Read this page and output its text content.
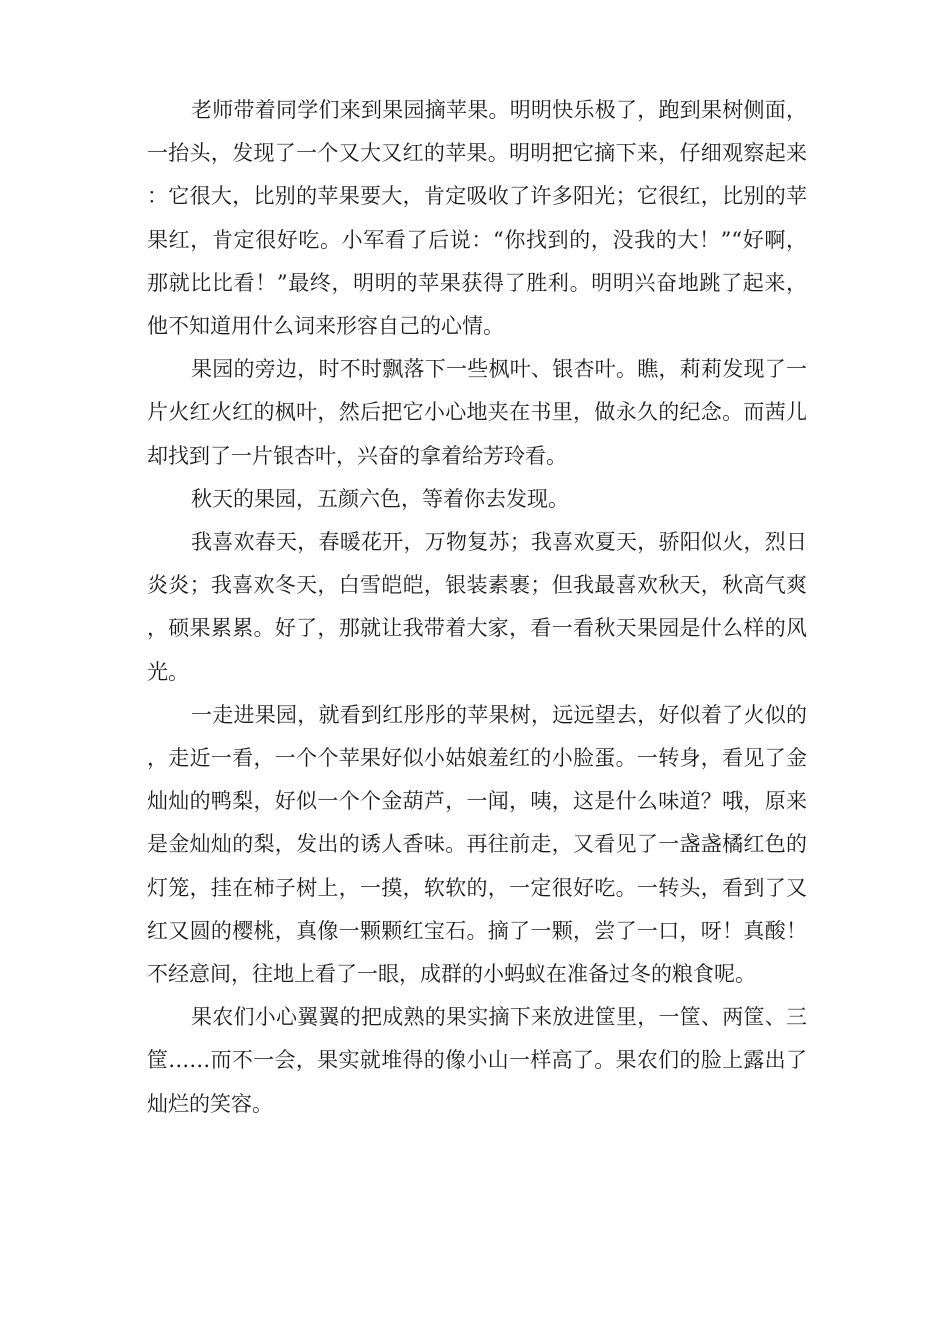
老师带着同学们来到果园摘苹果。明明快乐极了，跑到果树侧面，一抬头，发现了一个又大又红的苹果。明明把它摘下来，仔细观察起来：它很大，比别的苹果要大，肯定吸收了许多阳光；它很红，比别的苹果红，肯定很好吃。小军看了后说：“你找到的，没我的大！”“好啊，那就比比看！”最终，明明的苹果获得了胜利。明明兴奋地跳了起来，他不知道用什么词来形容自己的心情。

果园的旁边，时不时飘落下一些枫叶、银杏叶。瞧，莉莉发现了一片火红火红的枫叶，然后把它小心地夹在书里，做永久的纪念。而茜儿却找到了一片银杏叶，兴奋的拿着给芳玲看。

秋天的果园，五颜六色，等着你去发现。

我喜欢春天，春暖花开，万物复苏；我喜欢夏天，骄阳似火，烈日炎炎；我喜欢冬天，白雪皑皑，银装素裹；但我最喜欢秋天，秋高气爽，硕果累累。好了，那就让我带着大家，看一看秋天果园是什么样的风光。

一走进果园，就看到红彤彤的苹果树，远远望去，好似着了火似的，走近一看，一个个苹果好似小姑娘羞红的小脸蛋。一转身，看见了金灿灿的鸭梨，好似一个个金葫芦，一闻，咦，这是什么味道？哦，原来是金灿灿的梨，发出的诱人香味。再往前走，又看见了一盏盏橘红色的灯笼，挂在柿子树上，一摸，软软的，一定很好吃。一转头，看到了又红又圆的樱桃，真像一颗颗红宝石。摘了一颗，尝了一口，呀！真酸！不经意间，往地上看了一眼，成群的小蚂蚁在准备过冬的粮食呢。

果农们小心翼翼的把成熟的果实摘下来放进筐里，一筐、两筐、三筐……而不一会，果实就堆得的像小山一样高了。果农们的脸上露出了灿烂的笑容。
